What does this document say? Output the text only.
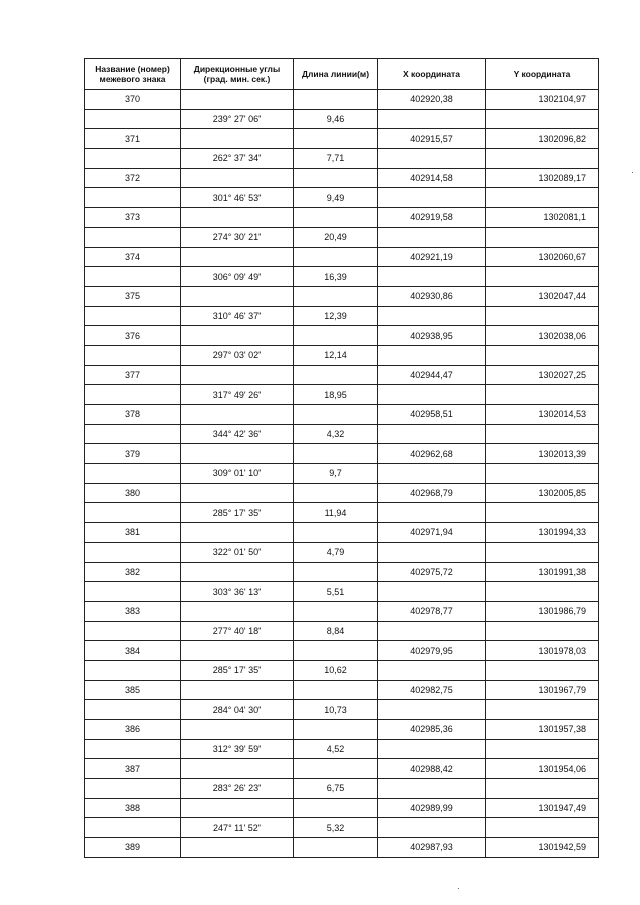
Название (номер) межевого знака	Дирекционные углы (град. мин. сек.)	Длина линии(м)	X координата	Y координата
370			402920,38	1302104,97
	239° 27' 06"	9,46		
371			402915,57	1302096,82
	262° 37' 34"	7,71		
372			402914,58	1302089,17
	301° 46' 53"	9,49		
373			402919,58	1302081,1
	274° 30' 21"	20,49		
374			402921,19	1302060,67
	306° 09' 49"	16,39		
375			402930,86	1302047,44
	310° 46' 37"	12,39		
376			402938,95	1302038,06
	297° 03' 02"	12,14		
377			402944,47	1302027,25
	317° 49' 26"	18,95		
378			402958,51	1302014,53
	344° 42' 36"	4,32		
379			402962,68	1302013,39
	309° 01' 10"	9,7		
380			402968,79	1302005,85
	285° 17' 35"	11,94		
381			402971,94	1301994,33
	322° 01' 50"	4,79		
382			402975,72	1301991,38
	303° 36' 13"	5,51		
383			402978,77	1301986,79
	277° 40' 18"	8,84		
384			402979,95	1301978,03
	285° 17' 35"	10,62		
385			402982,75	1301967,79
	284° 04' 30"	10,73		
386			402985,36	1301957,38
	312° 39' 59"	4,52		
387			402988,42	1301954,06
	283° 26' 23"	6,75		
388			402989,99	1301947,49
	247° 11' 52"	5,32		
389			402987,93	1301942,59
